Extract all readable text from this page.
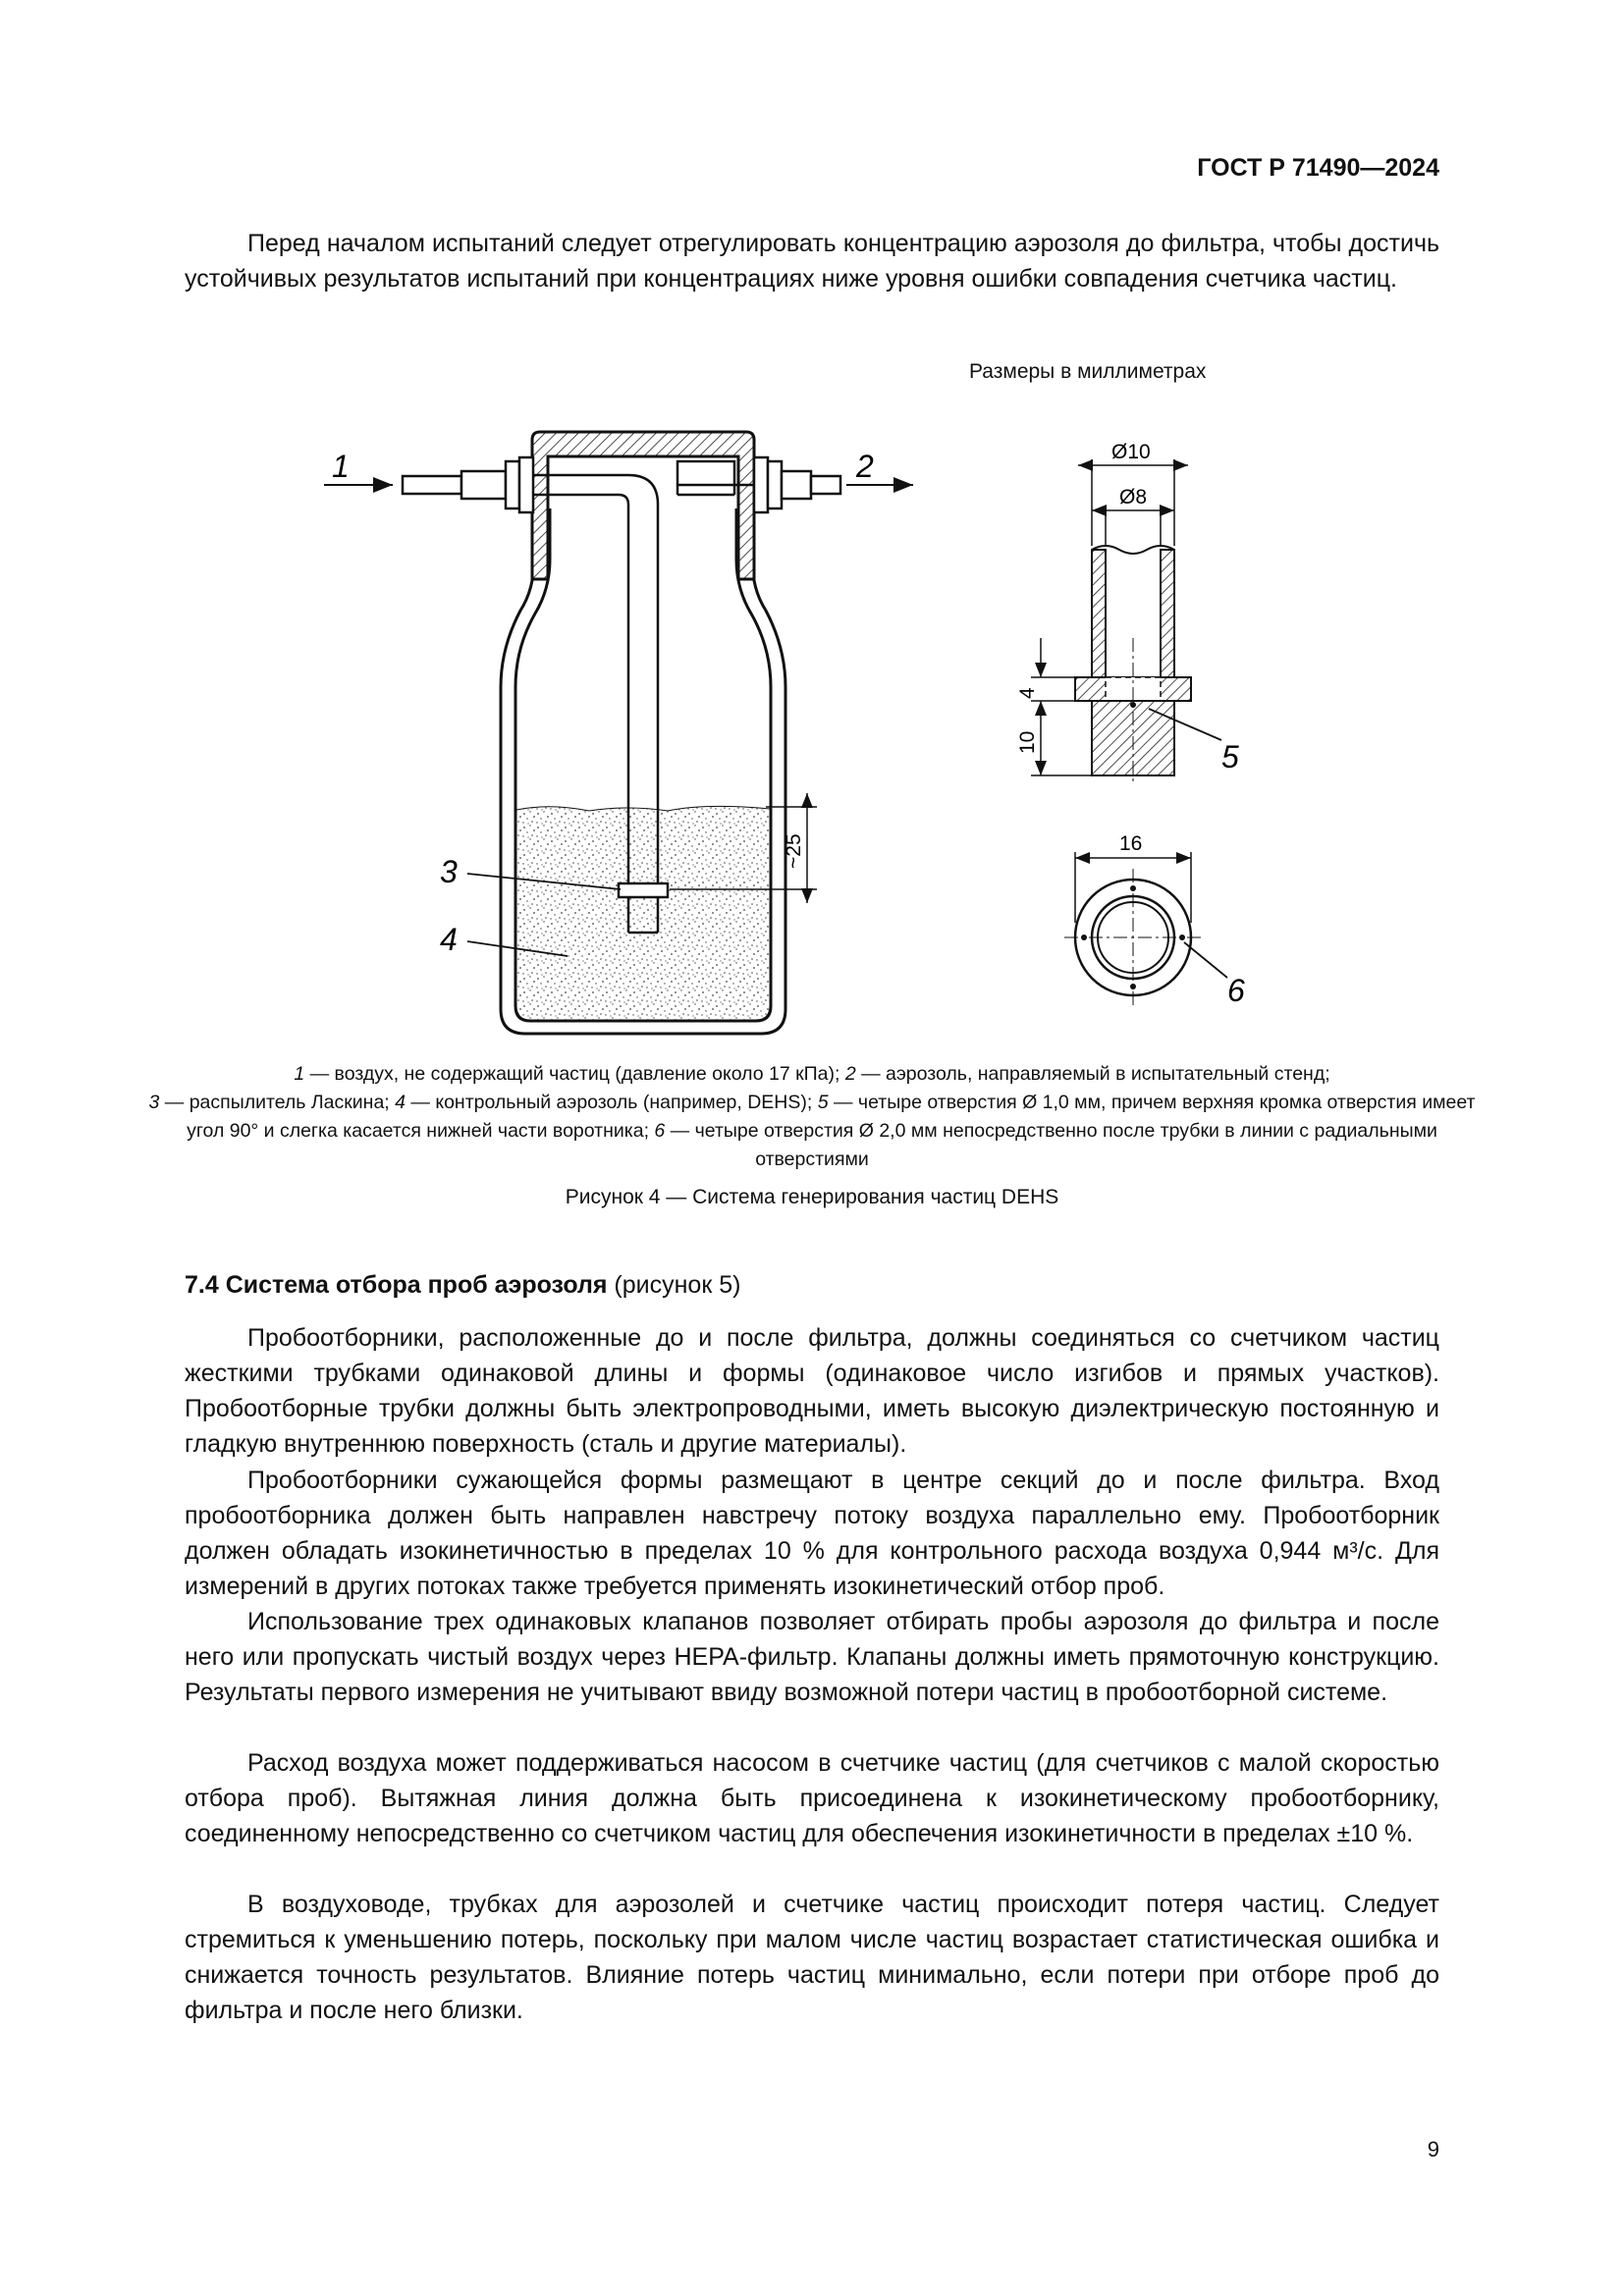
ГОСТ Р 71490—2024

Перед началом испытаний следует отрегулировать концентрацию аэрозоля до фильтра, чтобы достичь устойчивых результатов испытаний при концентрациях ниже уровня ошибки совпадения счетчика частиц.

Размеры в миллиметрах
1	2
3
4
~25
Ø10
Ø8
4
10	5
16
6
1 — воздух, не содержащий частиц (давление около 17 кПа); 2 — аэрозоль, направляемый в испытательный стенд;
3 — распылитель Ласкина; 4 — контрольный аэрозоль (например, DEHS); 5 — четыре отверстия Ø 1,0 мм, причем верхняя кромка отверстия имеет угол 90° и слегка касается нижней части воротника; 6 — четыре отверстия Ø 2,0 мм непосредственно после трубки в линии с радиальными отверстиями
Рисунок 4 — Система генерирования частиц DEHS
7.4 Система отбора проб аэрозоля (рисунок 5)

Пробоотборники, расположенные до и после фильтра, должны соединяться со счетчиком частиц жесткими трубками одинаковой длины и формы (одинаковое число изгибов и прямых участков). Пробоотборные трубки должны быть электропроводными, иметь высокую диэлектрическую постоянную и гладкую внутреннюю поверхность (сталь и другие материалы).

Пробоотборники сужающейся формы размещают в центре секций до и после фильтра. Вход пробоотборника должен быть направлен навстречу потоку воздуха параллельно ему. Пробоотборник должен обладать изокинетичностью в пределах 10 % для контрольного расхода воздуха 0,944 м³/с. Для измерений в других потоках также требуется применять изокинетический отбор проб.

Использование трех одинаковых клапанов позволяет отбирать пробы аэрозоля до фильтра и после него или пропускать чистый воздух через HEPA-фильтр. Клапаны должны иметь прямоточную конструкцию. Результаты первого измерения не учитывают ввиду возможной потери частиц в пробоотборной системе.

Расход воздуха может поддерживаться насосом в счетчике частиц (для счетчиков с малой скоростью отбора проб). Вытяжная линия должна быть присоединена к изокинетическому пробоотборнику, соединенному непосредственно со счетчиком частиц для обеспечения изокинетичности в пределах ±10 %.

В воздуховоде, трубках для аэрозолей и счетчике частиц происходит потеря частиц. Следует стремиться к уменьшению потерь, поскольку при малом числе частиц возрастает статистическая ошибка и снижается точность результатов. Влияние потерь частиц минимально, если потери при отборе проб до фильтра и после него близки.

9
